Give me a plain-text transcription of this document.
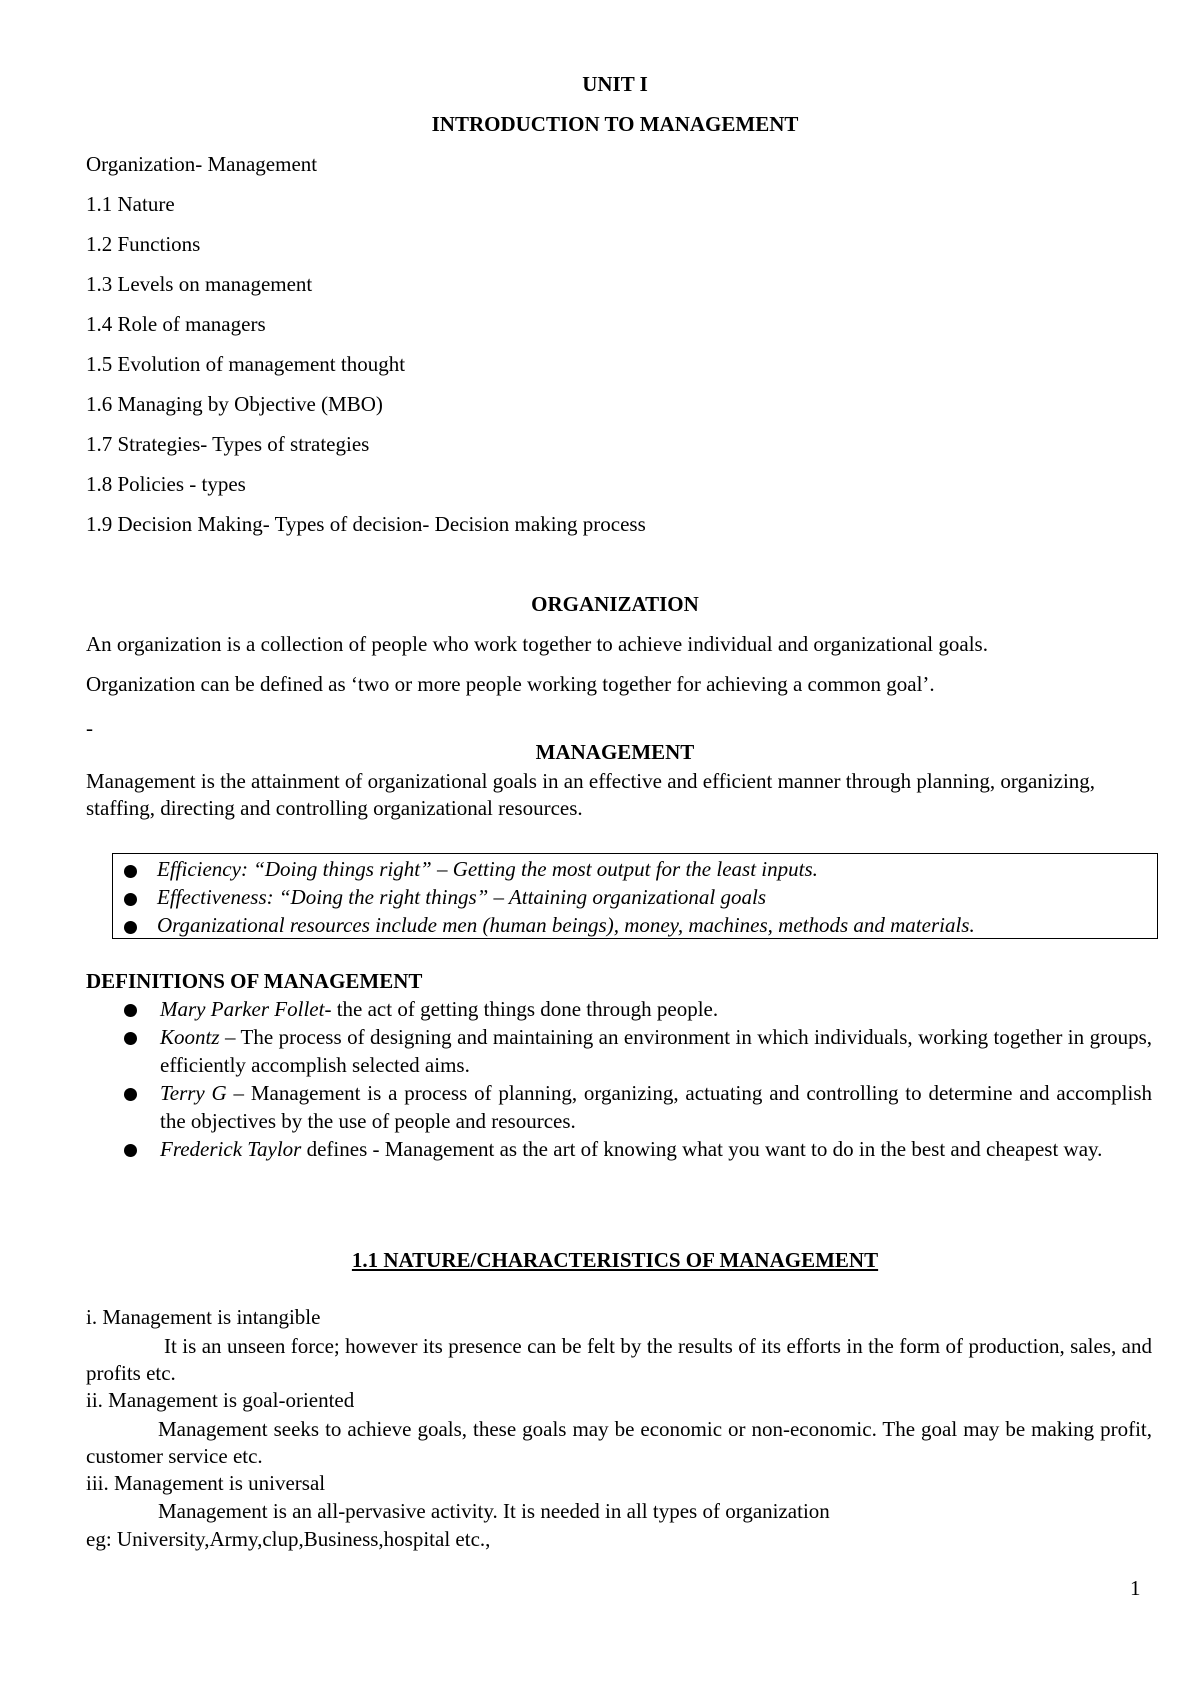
UNIT I
INTRODUCTION TO MANAGEMENT
Organization- Management
1.1 Nature
1.2 Functions
1.3 Levels on management
1.4 Role of managers
1.5 Evolution of management thought
1.6 Managing by Objective (MBO)
1.7 Strategies- Types of strategies
1.8 Policies - types
1.9 Decision Making- Types of decision- Decision making process
ORGANIZATION
An organization is a collection of people who work together to achieve individual and organizational goals.
Organization can be defined as ‘two or more people working together for achieving a common goal’.
-
MANAGEMENT
Management is the attainment of organizational goals in an effective and efficient manner through planning, organizing, staffing, directing and controlling organizational resources.
Efficiency: “Doing things right” – Getting the most output for the least inputs.
Effectiveness: “Doing the right things” – Attaining organizational goals
Organizational resources include men (human beings), money, machines, methods and materials.
DEFINITIONS OF MANAGEMENT
Mary Parker Follet- the act of getting things done through people.
Koontz – The process of designing and maintaining an environment in which individuals, working together in groups, efficiently accomplish selected aims.
Terry G – Management is a process of planning, organizing, actuating and controlling to determine and accomplish the objectives by the use of people and resources.
Frederick Taylor defines - Management as the art of knowing what you want to do in the best and cheapest way.
1.1 NATURE/CHARACTERISTICS OF MANAGEMENT
i. Management is intangible
It is an unseen force; however its presence can be felt by the results of its efforts in the form of production, sales, and profits etc.
ii. Management is goal-oriented
Management seeks to achieve goals, these goals may be economic or non-economic. The goal may be making profit, customer service etc.
iii. Management is universal
Management is an all-pervasive activity. It is needed in all types of organization
eg: University,Army,clup,Business,hospital etc.,
1
